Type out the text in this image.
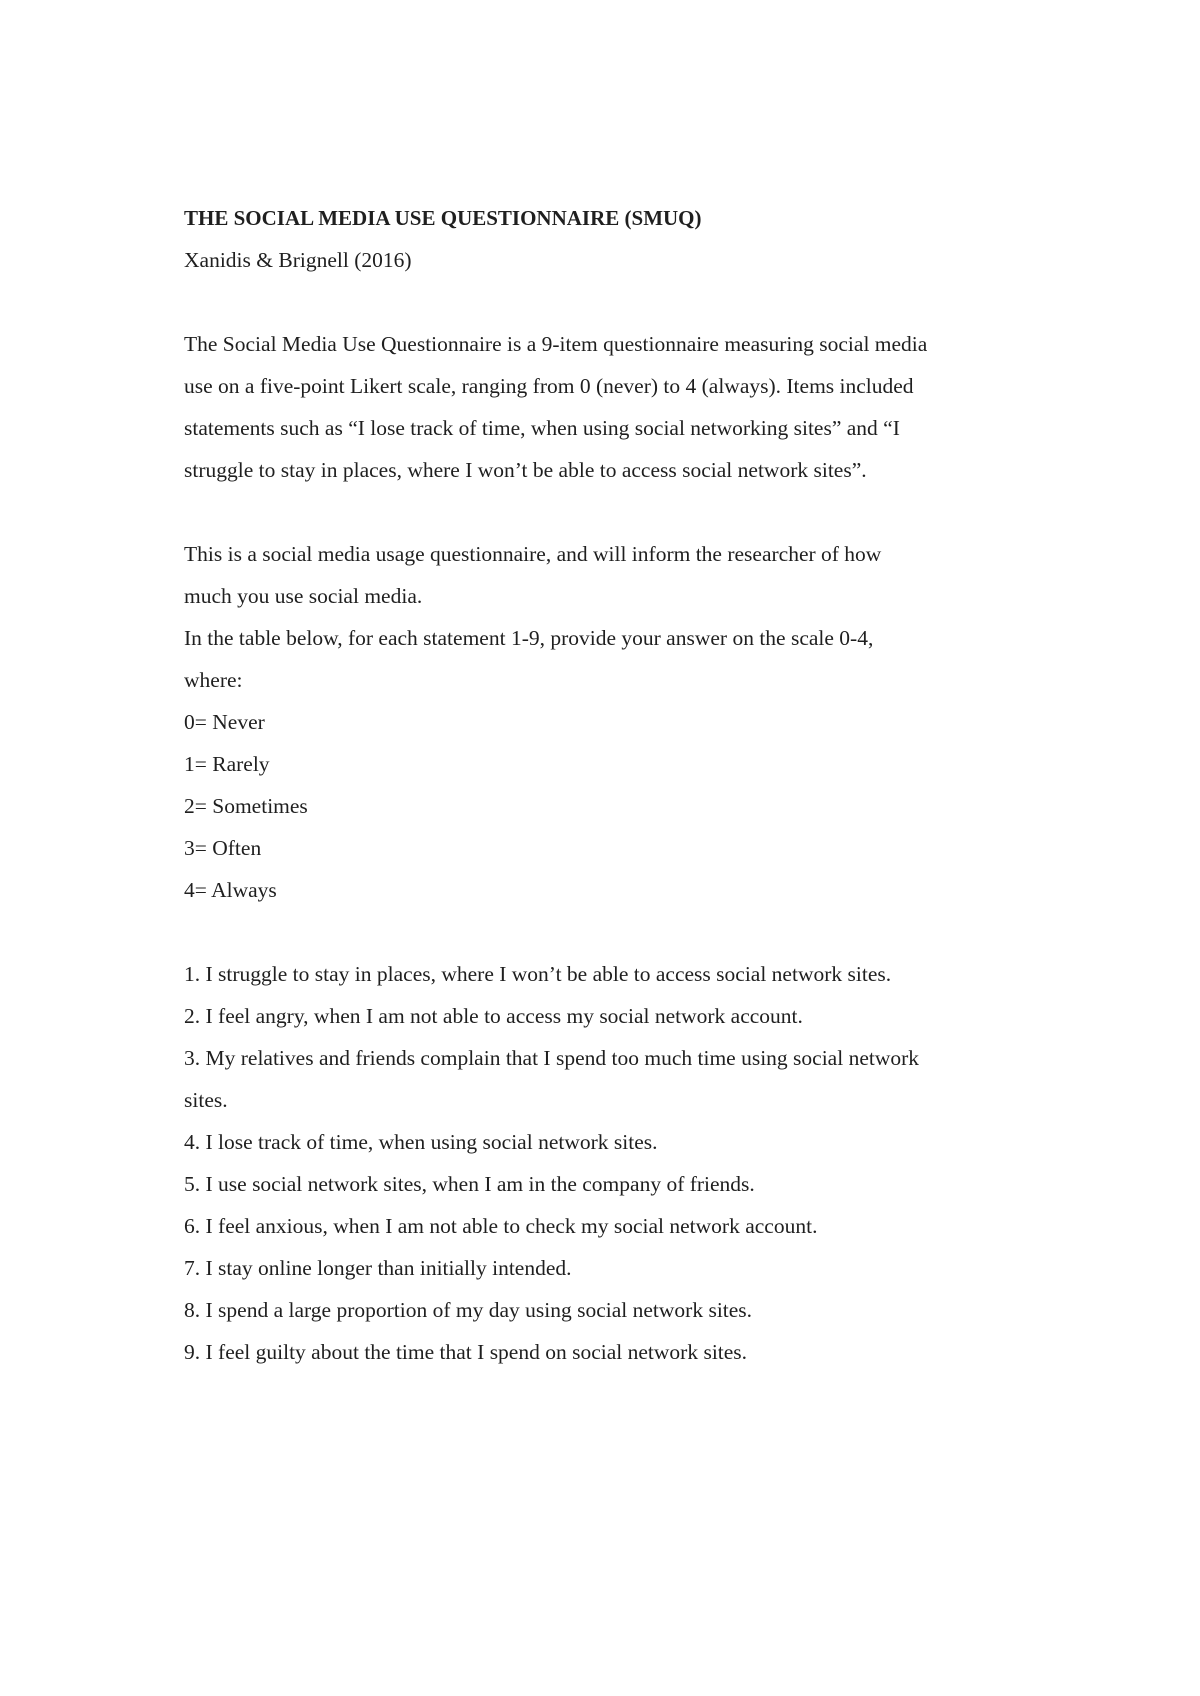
THE SOCIAL MEDIA USE QUESTIONNAIRE (SMUQ)
Xanidis & Brignell (2016)
The Social Media Use Questionnaire is a 9-item questionnaire measuring social media
use on a five-point Likert scale, ranging from 0 (never) to 4 (always). Items included
statements such as “I lose track of time, when using social networking sites” and “I
struggle to stay in places, where I won’t be able to access social network sites”.
This is a social media usage questionnaire, and will inform the researcher of how
much you use social media.
In the table below, for each statement 1-9, provide your answer on the scale 0-4,
where:
0= Never
1= Rarely
2= Sometimes
3= Often
4= Always
1. I struggle to stay in places, where I won’t be able to access social network sites.
2. I feel angry, when I am not able to access my social network account.
3. My relatives and friends complain that I spend too much time using social network
sites.
4. I lose track of time, when using social network sites.
5. I use social network sites, when I am in the company of friends.
6. I feel anxious, when I am not able to check my social network account.
7. I stay online longer than initially intended.
8. I spend a large proportion of my day using social network sites.
9. I feel guilty about the time that I spend on social network sites.
